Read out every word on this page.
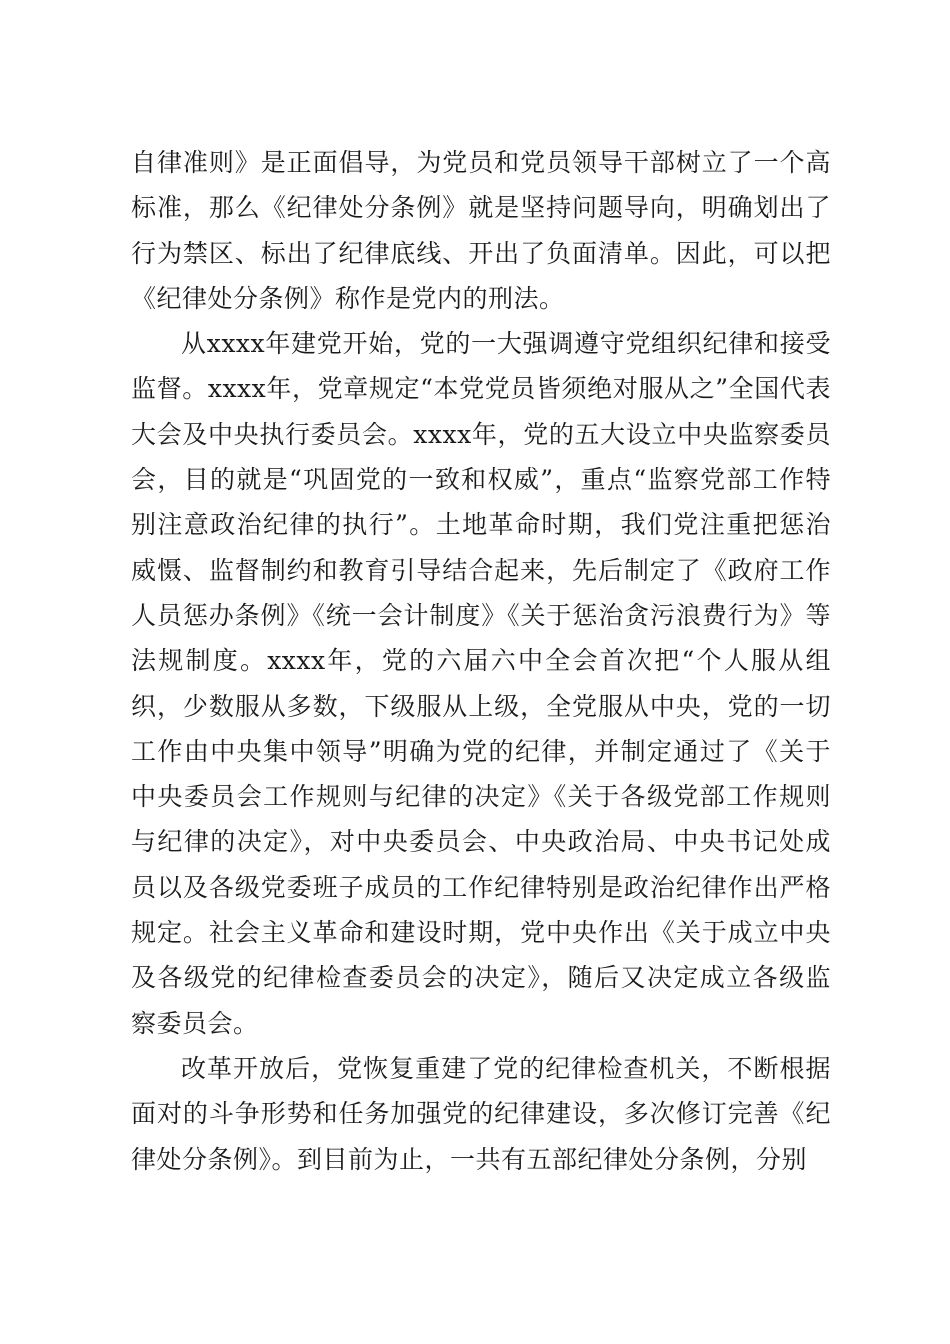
自律准则》是正面倡导，为党员和党员领导干部树立了一个高标准，那么《纪律处分条例》就是坚持问题导向，明确划出了行为禁区、标出了纪律底线、开出了负面清单。因此，可以把《纪律处分条例》称作是党内的刑法。

从xxxx年建党开始，党的一大强调遵守党组织纪律和接受监督。xxxx年，党章规定“本党党员皆须绝对服从之”全国代表大会及中央执行委员会。xxxx年，党的五大设立中央监察委员会，目的就是“巩固党的一致和权威”，重点“监察党部工作特别注意政治纪律的执行”。土地革命时期，我们党注重把惩治威慑、监督制约和教育引导结合起来，先后制定了《政府工作人员惩办条例》《统一会计制度》《关于惩治贪污浪费行为》等法规制度。xxxx年，党的六届六中全会首次把“个人服从组织，少数服从多数，下级服从上级，全党服从中央，党的一切工作由中央集中领导”明确为党的纪律，并制定通过了《关于中央委员会工作规则与纪律的决定》《关于各级党部工作规则与纪律的决定》，对中央委员会、中央政治局、中央书记处成员以及各级党委班子成员的工作纪律特别是政治纪律作出严格规定。社会主义革命和建设时期，党中央作出《关于成立中央及各级党的纪律检查委员会的决定》，随后又决定成立各级监察委员会。

改革开放后，党恢复重建了党的纪律检查机关，不断根据面对的斗争形势和任务加强党的纪律建设，多次修订完善《纪律处分条例》。到目前为止，一共有五部纪律处分条例，分别
